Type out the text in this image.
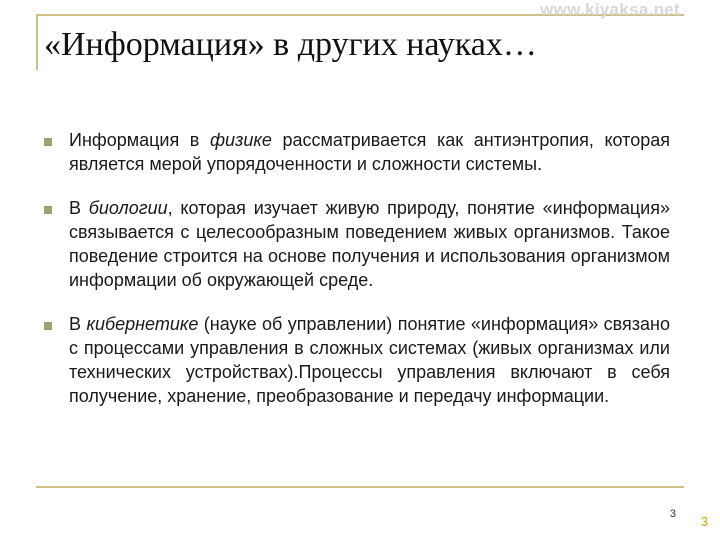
www.kiyaksa.net
«Информация» в других науках…
Информация в физике рассматривается как антиэнтропия, которая является мерой упорядоченности и сложности системы.
В биологии, которая изучает живую природу, понятие «информация» связывается с целесообразным поведением живых организмов. Такое поведение строится на основе получения и использования организмом информации об окружающей среде.
В кибернетике (науке об управлении) понятие «информация» связано с процессами управления в сложных системах (живых организмах или технических устройствах).Процессы управления включают в себя получение, хранение, преобразование и передачу информации.
3 3
